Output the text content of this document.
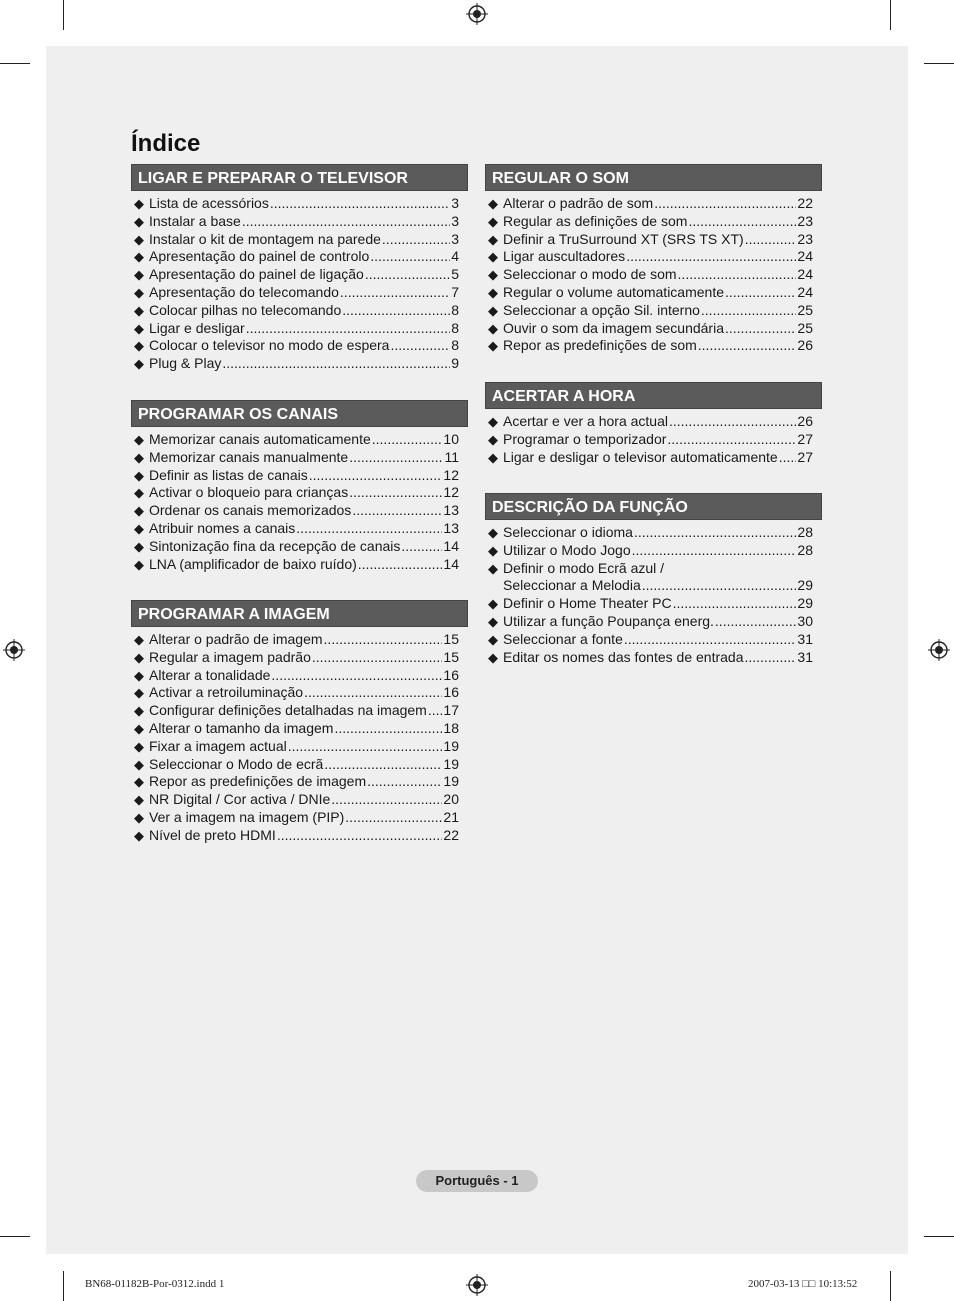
Índice
LIGAR E PREPARAR O TELEVISOR
◆ Lista de acessórios .....	3
◆ Instalar a base .....	3
◆ Instalar o kit de montagem na parede .....	3
◆ Apresentação do painel de controlo .....	4
◆ Apresentação do painel de ligação .....	5
◆ Apresentação do telecomando .....	7
◆ Colocar pilhas no telecomando .....	8
◆ Ligar e desligar .....	8
◆ Colocar o televisor no modo de espera .....	8
◆ Plug & Play .....	9
PROGRAMAR OS CANAIS
◆ Memorizar canais automaticamente .....	10
◆ Memorizar canais manualmente .....	11
◆ Definir as listas de canais .....	12
◆ Activar o bloqueio para crianças .....	12
◆ Ordenar os canais memorizados .....	13
◆ Atribuir nomes a canais .....	13
◆ Sintonização fina da recepção de canais .....	14
◆ LNA (amplificador de baixo ruído) .....	14
PROGRAMAR A IMAGEM
◆ Alterar o padrão de imagem .....	15
◆ Regular a imagem padrão .....	15
◆ Alterar a tonalidade .....	16
◆ Activar a retroiluminação .....	16
◆ Configurar definições detalhadas na imagem ..... 17
◆ Alterar o tamanho da imagem .....	18
◆ Fixar a imagem actual .....	19
◆ Seleccionar o Modo de ecrã .....	19
◆ Repor as predefinições de imagem .....	19
◆ NR Digital / Cor activa / DNIe .....	20
◆ Ver a imagem na imagem (PIP) .....	21
◆ Nível de preto HDMI .....	22
REGULAR O SOM
◆ Alterar o padrão de som .....	22
◆ Regular as definições de som .....	23
◆ Definir a TruSurround XT (SRS TS XT) .....	23
◆ Ligar auscultadores .....	24
◆ Seleccionar o modo de som .....	24
◆ Regular o volume automaticamente .....	24
◆ Seleccionar a opção Sil. interno .....	25
◆ Ouvir o som da imagem secundária .....	25
◆ Repor as predefinições de som .....	26
ACERTAR A HORA
◆ Acertar e ver a hora actual .....	26
◆ Programar o temporizador .....	27
◆ Ligar e desligar o televisor automaticamente ..... 27
DESCRIÇÃO DA FUNÇÃO
◆ Seleccionar o idioma .....	28
◆ Utilizar o Modo Jogo .....	28
◆ Definir o modo Ecrã azul /
Seleccionar a Melodia .....	29
◆ Definir o Home Theater PC .....	29
◆ Utilizar a função Poupança energ. .....	30
◆ Seleccionar a fonte .....	31
◆ Editar os nomes das fontes de entrada .....	31
Português - 1
BN68-01182B-Por-0312.indd 1	2007-03-13 □□ 10:13:52
